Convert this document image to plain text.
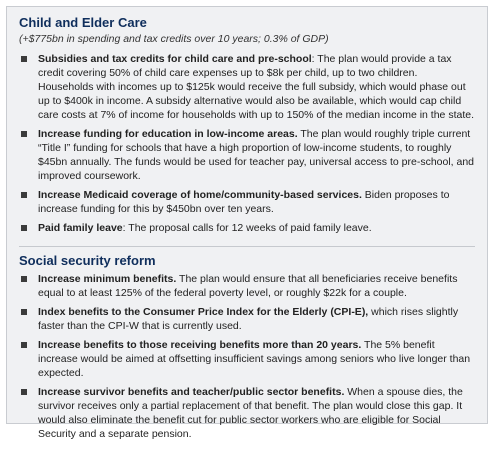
Child and Elder Care
(+$775bn in spending and tax credits over 10 years; 0.3% of GDP)
Subsidies and tax credits for child care and pre-school: The plan would provide a tax credit covering 50% of child care expenses up to $8k per child, up to two children. Households with incomes up to $125k would receive the full subsidy, which would phase out up to $400k in income. A subsidy alternative would also be available, which would cap child care costs at 7% of income for households with up to 150% of the median income in the state.
Increase funding for education in low-income areas. The plan would roughly triple current “Title I” funding for schools that have a high proportion of low-income students, to roughly $45bn annually. The funds would be used for teacher pay, universal access to pre-school, and improved coursework.
Increase Medicaid coverage of home/community-based services. Biden proposes to increase funding for this by $450bn over ten years.
Paid family leave: The proposal calls for 12 weeks of paid family leave.
Social security reform
Increase minimum benefits. The plan would ensure that all beneficiaries receive benefits equal to at least 125% of the federal poverty level, or roughly $22k for a couple.
Index benefits to the Consumer Price Index for the Elderly (CPI-E), which rises slightly faster than the CPI-W that is currently used.
Increase benefits to those receiving benefits more than 20 years. The 5% benefit increase would be aimed at offsetting insufficient savings among seniors who live longer than expected.
Increase survivor benefits and teacher/public sector benefits. When a spouse dies, the survivor receives only a partial replacement of that benefit. The plan would close this gap. It would also eliminate the benefit cut for public sector workers who are eligible for Social Security and a separate pension.
